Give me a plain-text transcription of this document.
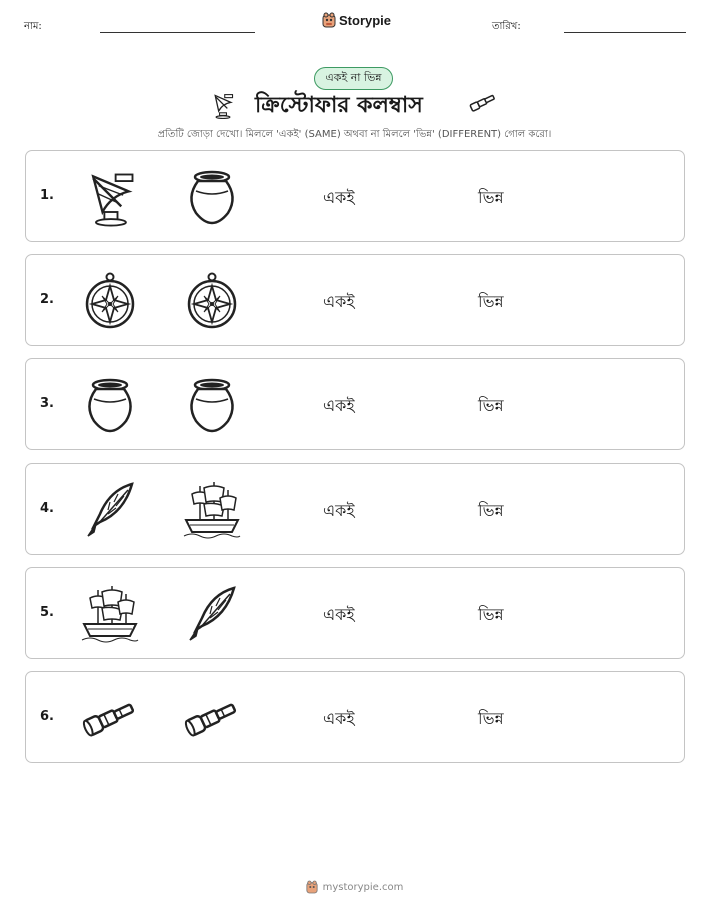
নাম:	Storypie	তারিখ:
একই না ভিন্ন
ক্রিস্টোফার কলম্বাস
প্রতিটি জোড়া দেখো। মিললে 'একই' (SAME) অথবা না মিললে 'ভিন্ন' (DIFFERENT) গোল করো।
1.	একই	ভিন্ন
2.	একই	ভিন্ন
3.	একই	ভিন্ন
4.	একই	ভিন্ন
5.	একই	ভিন্ন
6.	একই	ভিন্ন
mystorypie.com
